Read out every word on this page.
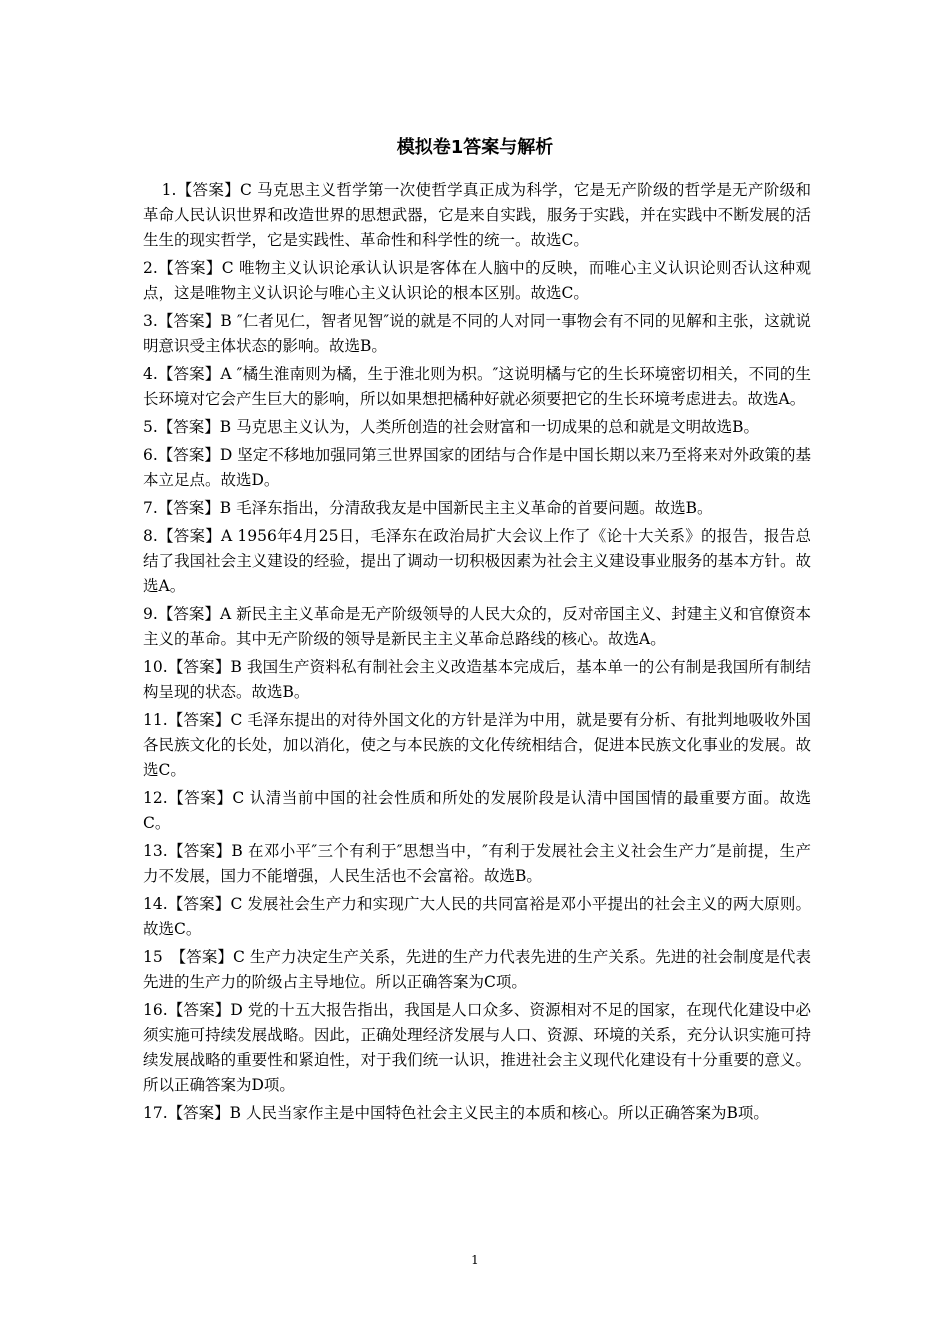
模拟卷1答案与解析

1.【答案】C 马克思主义哲学第一次使哲学真正成为科学，它是无产阶级的哲学是无产阶级和革命人民认识世界和改造世界的思想武器，它是来自实践，服务于实践，并在实践中不断发展的活生生的现实哲学，它是实践性、革命性和科学性的统一。故选C。

2.【答案】C 唯物主义认识论承认认识是客体在人脑中的反映，而唯心主义认识论则否认这种观点，这是唯物主义认识论与唯心主义认识论的根本区别。故选C。

3.【答案】B ″仁者见仁，智者见智″说的就是不同的人对同一事物会有不同的见解和主张，这就说明意识受主体状态的影响。故选B。

4.【答案】A ″橘生淮南则为橘，生于淮北则为枳。″这说明橘与它的生长环境密切相关，不同的生长环境对它会产生巨大的影响，所以如果想把橘种好就必须要把它的生长环境考虑进去。故选A。

5.【答案】B 马克思主义认为，人类所创造的社会财富和一切成果的总和就是文明故选B。

6.【答案】D 坚定不移地加强同第三世界国家的团结与合作是中国长期以来乃至将来对外政策的基本立足点。故选D。

7.【答案】B 毛泽东指出，分清敌我友是中国新民主主义革命的首要问题。故选B。

8.【答案】A 1956年4月25日，毛泽东在政治局扩大会议上作了《论十大关系》的报告，报告总结了我国社会主义建设的经验，提出了调动一切积极因素为社会主义建设事业服务的基本方针。故选A。

9.【答案】A 新民主主义革命是无产阶级领导的人民大众的，反对帝国主义、封建主义和官僚资本主义的革命。其中无产阶级的领导是新民主主义革命总路线的核心。故选A。

10.【答案】B 我国生产资料私有制社会主义改造基本完成后，基本单一的公有制是我国所有制结构呈现的状态。故选B。

11.【答案】C 毛泽东提出的对待外国文化的方针是洋为中用，就是要有分析、有批判地吸收外国各民族文化的长处，加以消化，使之与本民族的文化传统相结合，促进本民族文化事业的发展。故选C。

12.【答案】C 认清当前中国的社会性质和所处的发展阶段是认清中国国情的最重要方面。故选C。

13.【答案】B 在邓小平″三个有利于″思想当中，″有利于发展社会主义社会生产力″是前提，生产力不发展，国力不能增强，人民生活也不会富裕。故选B。

14.【答案】C 发展社会生产力和实现广大人民的共同富裕是邓小平提出的社会主义的两大原则。故选C。

15　【答案】C 生产力决定生产关系，先进的生产力代表先进的生产关系。先进的社会制度是代表先进的生产力的阶级占主导地位。所以正确答案为C项。

16.【答案】D 党的十五大报告指出，我国是人口众多、资源相对不足的国家，在现代化建设中必须实施可持续发展战略。因此，正确处理经济发展与人口、资源、环境的关系，充分认识实施可持续发展战略的重要性和紧迫性，对于我们统一认识，推进社会主义现代化建设有十分重要的意义。所以正确答案为D项。

17.【答案】B 人民当家作主是中国特色社会主义民主的本质和核心。所以正确答案为B项。

1
